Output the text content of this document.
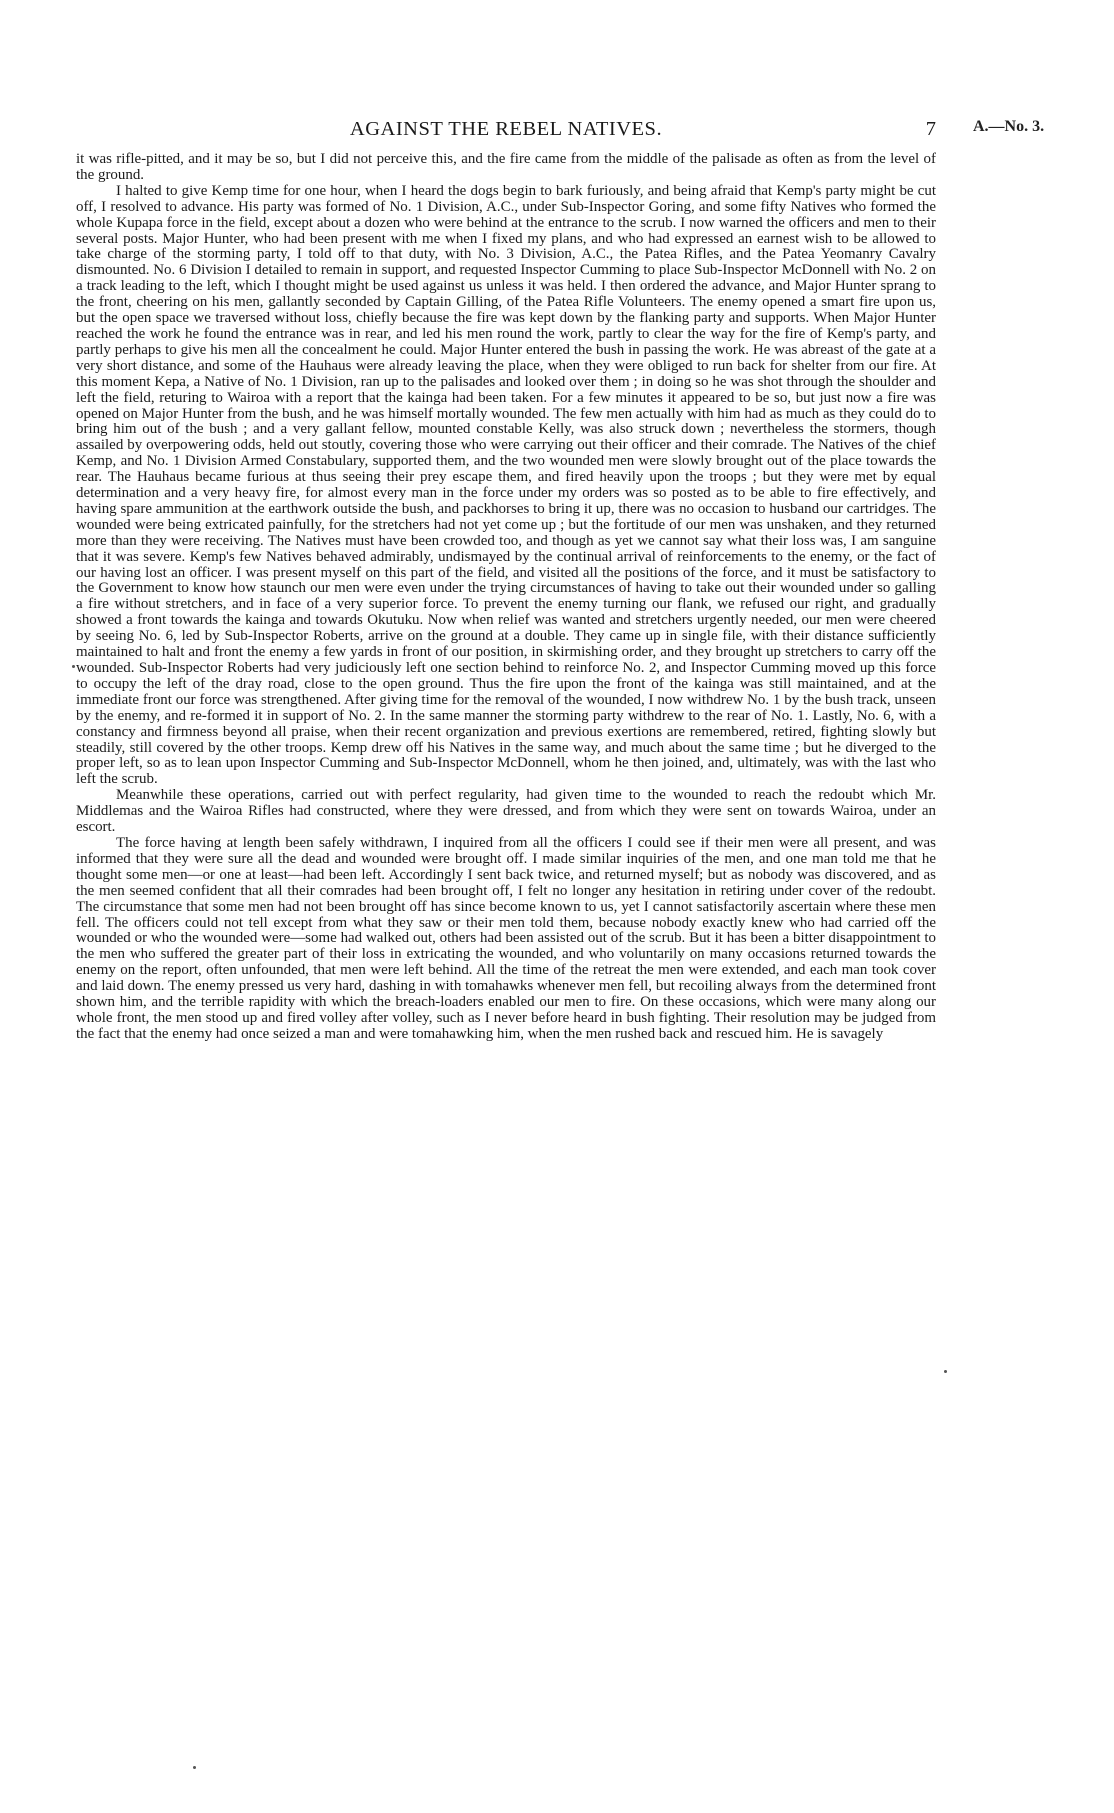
AGAINST THE REBEL NATIVES.	7 A.—No. 3.

it was rifle-pitted, and it may be so, but I did not perceive this, and the fire came from the middle of the palisade as often as from the level of the ground.

I halted to give Kemp time for one hour, when I heard the dogs begin to bark furiously, and being afraid that Kemp's party might be cut off, I resolved to advance. His party was formed of No. 1 Division, A.C., under Sub-Inspector Goring, and some fifty Natives who formed the whole Kupapa force in the field, except about a dozen who were behind at the entrance to the scrub. I now warned the officers and men to their several posts. Major Hunter, who had been present with me when I fixed my plans, and who had expressed an earnest wish to be allowed to take charge of the storming party, I told off to that duty, with No. 3 Division, A.C., the Patea Rifles, and the Patea Yeomanry Cavalry dismounted. No. 6 Division I detailed to remain in support, and requested Inspector Cumming to place Sub-Inspector McDonnell with No. 2 on a track leading to the left, which I thought might be used against us unless it was held. I then ordered the advance, and Major Hunter sprang to the front, cheering on his men, gallantly seconded by Captain Gilling, of the Patea Rifle Volunteers. The enemy opened a smart fire upon us, but the open space we traversed without loss, chiefly because the fire was kept down by the flanking party and supports. When Major Hunter reached the work he found the entrance was in rear, and led his men round the work, partly to clear the way for the fire of Kemp's party, and partly perhaps to give his men all the concealment he could. Major Hunter entered the bush in passing the work. He was abreast of the gate at a very short distance, and some of the Hauhaus were already leaving the place, when they were obliged to run back for shelter from our fire. At this moment Kepa, a Native of No. 1 Division, ran up to the palisades and looked over them ; in doing so he was shot through the shoulder and left the field, returing to Wairoa with a report that the kainga had been taken. For a few minutes it appeared to be so, but just now a fire was opened on Major Hunter from the bush, and he was himself mortally wounded. The few men actually with him had as much as they could do to bring him out of the bush ; and a very gallant fellow, mounted constable Kelly, was also struck down ; nevertheless the stormers, though assailed by overpowering odds, held out stoutly, covering those who were carrying out their officer and their comrade. The Natives of the chief Kemp, and No. 1 Division Armed Constabulary, supported them, and the two wounded men were slowly brought out of the place towards the rear. The Hauhaus became furious at thus seeing their prey escape them, and fired heavily upon the troops ; but they were met by equal determination and a very heavy fire, for almost every man in the force under my orders was so posted as to be able to fire effectively, and having spare ammunition at the earthwork outside the bush, and packhorses to bring it up, there was no occasion to husband our cartridges. The wounded were being extricated painfully, for the stretchers had not yet come up ; but the fortitude of our men was unshaken, and they returned more than they were receiving. The Natives must have been crowded too, and though as yet we cannot say what their loss was, I am sanguine that it was severe. Kemp's few Natives behaved admirably, undismayed by the continual arrival of reinforcements to the enemy, or the fact of our having lost an officer. I was present myself on this part of the field, and visited all the positions of the force, and it must be satisfactory to the Government to know how staunch our men were even under the trying circumstances of having to take out their wounded under so galling a fire without stretchers, and in face of a very superior force. To prevent the enemy turning our flank, we refused our right, and gradually showed a front towards the kainga and towards Okutuku. Now when relief was wanted and stretchers urgently needed, our men were cheered by seeing No. 6, led by Sub-Inspector Roberts, arrive on the ground at a double. They came up in single file, with their distance sufficiently maintained to halt and front the enemy a few yards in front of our position, in skirmishing order, and they brought up stretchers to carry off the wounded. Sub-Inspector Roberts had very judiciously left one section behind to reinforce No. 2, and Inspector Cumming moved up this force to occupy the left of the dray road, close to the open ground. Thus the fire upon the front of the kainga was still maintained, and at the immediate front our force was strengthened. After giving time for the removal of the wounded, I now withdrew No. 1 by the bush track, unseen by the enemy, and re-formed it in support of No. 2. In the same manner the storming party withdrew to the rear of No. 1. Lastly, No. 6, with a constancy and firmness beyond all praise, when their recent organization and previous exertions are remembered, retired, fighting slowly but steadily, still covered by the other troops. Kemp drew off his Natives in the same way, and much about the same time ; but he diverged to the proper left, so as to lean upon Inspector Cumming and Sub-Inspector McDonnell, whom he then joined, and, ultimately, was with the last who left the scrub.

Meanwhile these operations, carried out with perfect regularity, had given time to the wounded to reach the redoubt which Mr. Middlemas and the Wairoa Rifles had constructed, where they were dressed, and from which they were sent on towards Wairoa, under an escort.

The force having at length been safely withdrawn, I inquired from all the officers I could see if their men were all present, and was informed that they were sure all the dead and wounded were brought off. I made similar inquiries of the men, and one man told me that he thought some men—or one at least—had been left. Accordingly I sent back twice, and returned myself; but as nobody was discovered, and as the men seemed confident that all their comrades had been brought off, I felt no longer any hesitation in retiring under cover of the redoubt. The circumstance that some men had not been brought off has since become known to us, yet I cannot satisfactorily ascertain where these men fell. The officers could not tell except from what they saw or their men told them, because nobody exactly knew who had carried off the wounded or who the wounded were—some had walked out, others had been assisted out of the scrub. But it has been a bitter disappointment to the men who suffered the greater part of their loss in extricating the wounded, and who voluntarily on many occasions returned towards the enemy on the report, often unfounded, that men were left behind. All the time of the retreat the men were extended, and each man took cover and laid down. The enemy pressed us very hard, dashing in with tomahawks whenever men fell, but recoiling always from the determined front shown him, and the terrible rapidity with which the breach-loaders enabled our men to fire. On these occasions, which were many along our whole front, the men stood up and fired volley after volley, such as I never before heard in bush fighting. Their resolution may be judged from the fact that the enemy had once seized a man and were tomahawking him, when the men rushed back and rescued him. He is savagely
